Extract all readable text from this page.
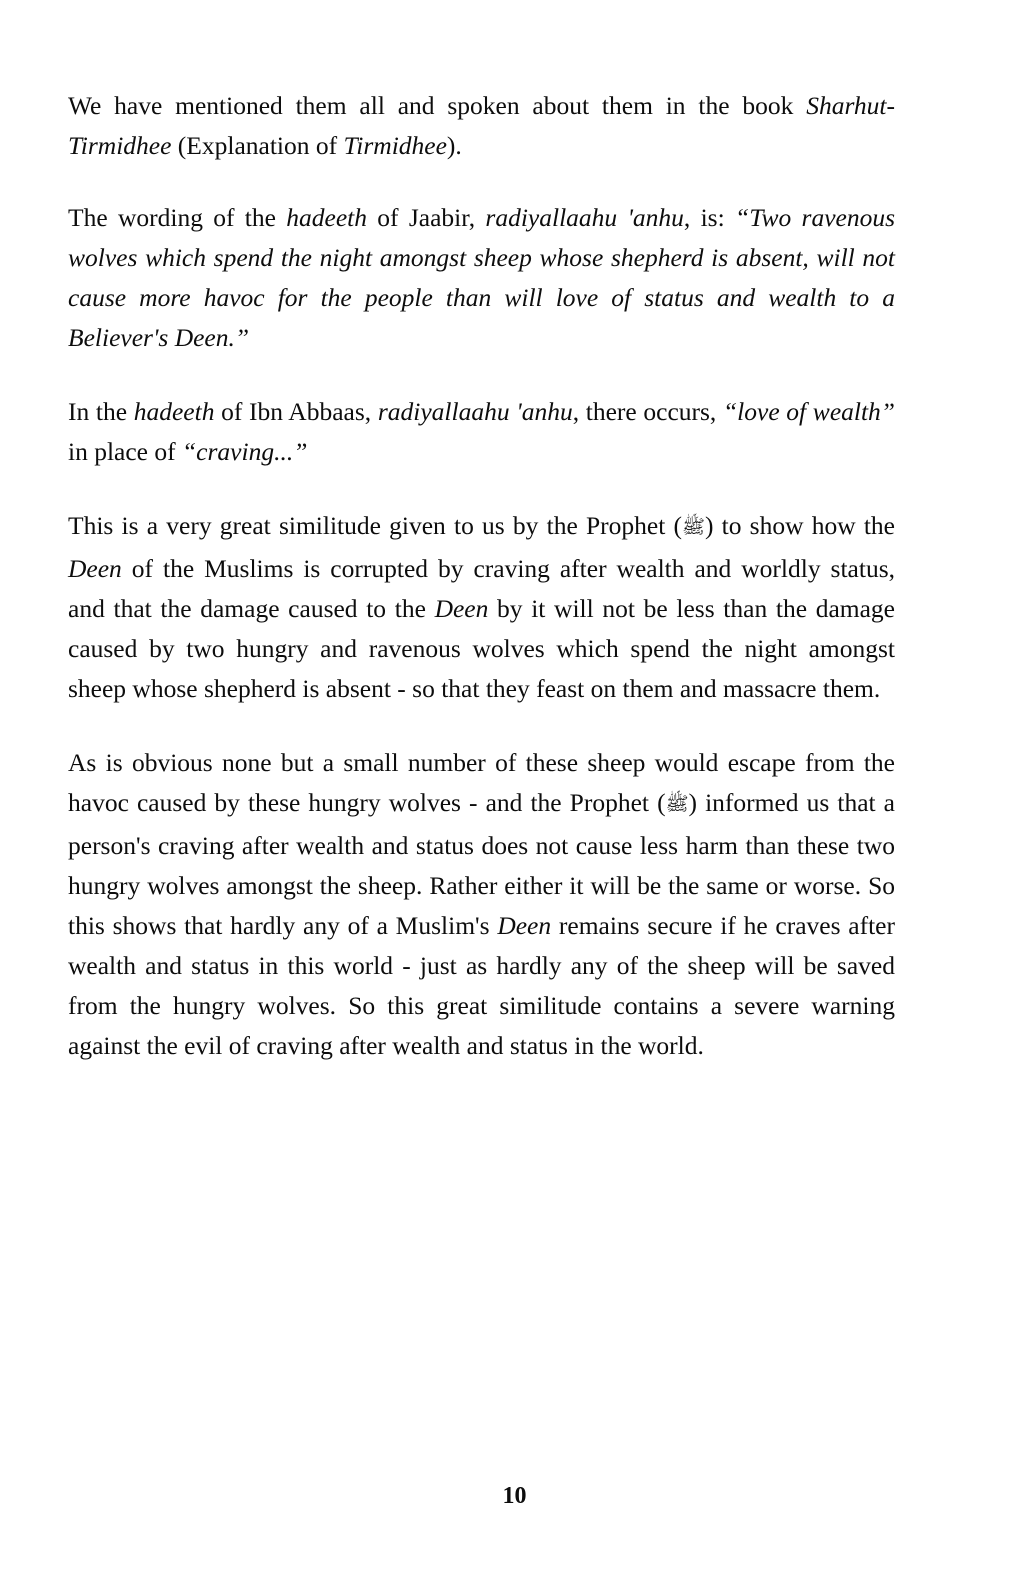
We have mentioned them all and spoken about them in the book Sharhut-Tirmidhee (Explanation of Tirmidhee).

The wording of the hadeeth of Jaabir, radiyallaahu 'anhu, is: “Two ravenous wolves which spend the night amongst sheep whose shepherd is absent, will not cause more havoc for the people than will love of status and wealth to a Believer's Deen.”

In the hadeeth of Ibn Abbaas, radiyallaahu 'anhu, there occurs, “love of wealth” in place of “craving...”

This is a very great similitude given to us by the Prophet (ﷺ) to show how the Deen of the Muslims is corrupted by craving after wealth and worldly status, and that the damage caused to the Deen by it will not be less than the damage caused by two hungry and ravenous wolves which spend the night amongst sheep whose shepherd is absent - so that they feast on them and massacre them.

As is obvious none but a small number of these sheep would escape from the havoc caused by these hungry wolves - and the Prophet (ﷺ) informed us that a person's craving after wealth and status does not cause less harm than these two hungry wolves amongst the sheep. Rather either it will be the same or worse. So this shows that hardly any of a Muslim's Deen remains secure if he craves after wealth and status in this world - just as hardly any of the sheep will be saved from the hungry wolves. So this great similitude contains a severe warning against the evil of craving after wealth and status in the world.

10
